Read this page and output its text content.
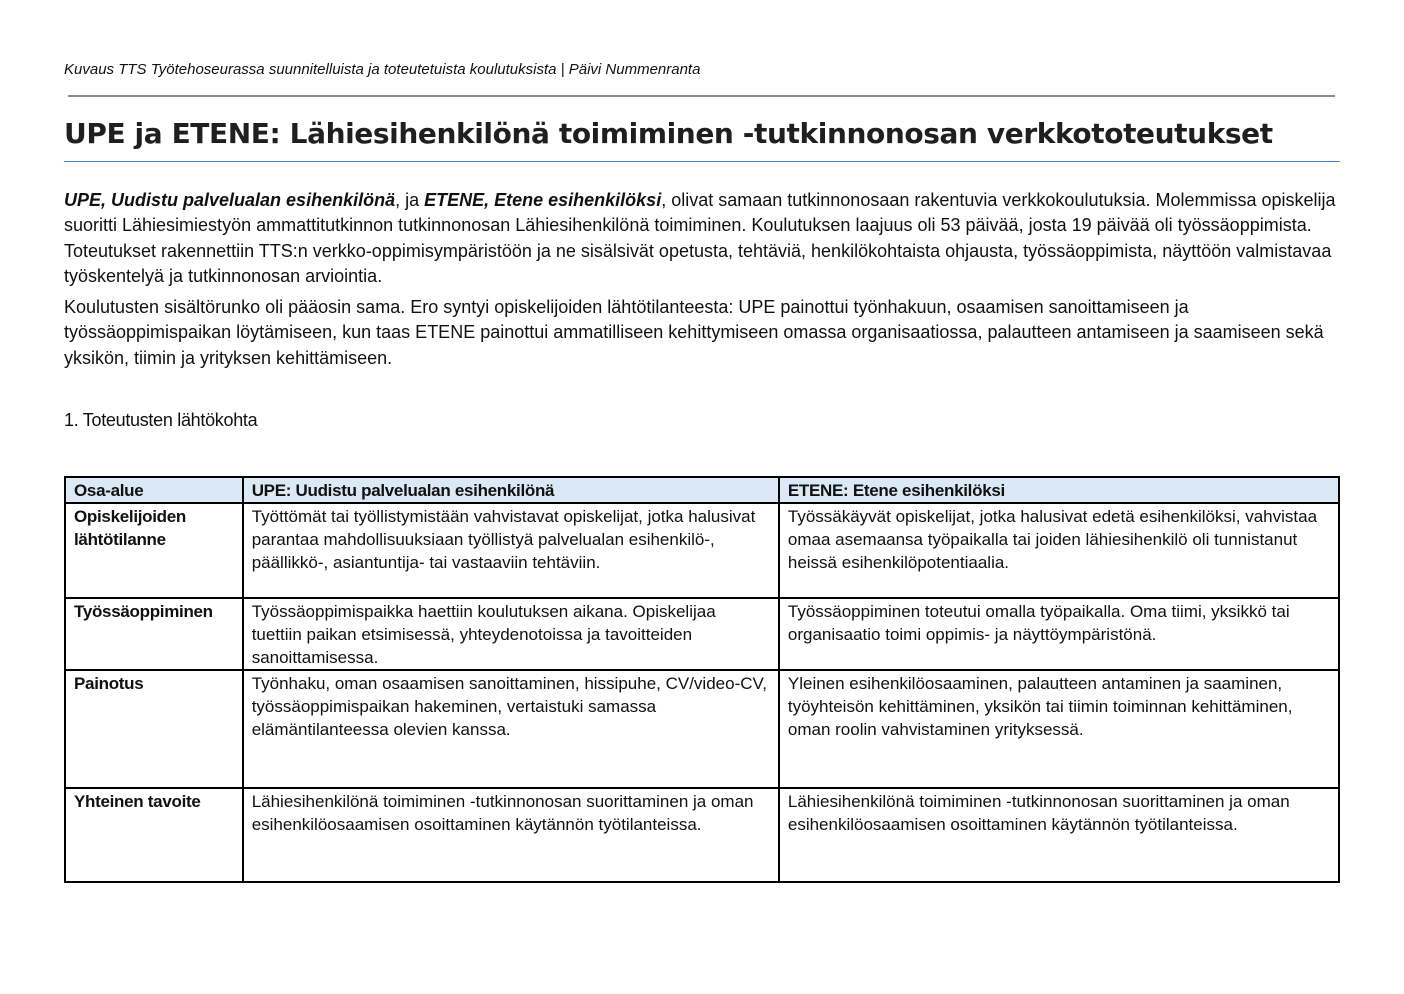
Kuvaus TTS Työtehoseurassa suunnitelluista ja toteutetuista koulutuksista | Päivi Nummenranta
UPE ja ETENE: Lähiesihenkilönä toimiminen -tutkinnonosan verkkototeutukset

UPE, Uudistu palvelualan esihenkilönä, ja ETENE, Etene esihenkilöksi, olivat samaan tutkinnonosaan rakentuvia verkkokoulutuksia. Molemmissa opiskelija suoritti Lähiesimiestyön ammattitutkinnon tutkinnonosan Lähiesihenkilönä toimiminen. Koulutuksen laajuus oli 53 päivää, josta 19 päivää oli työssäoppimista. Toteutukset rakennettiin TTS:n verkko-oppimisympäristöön ja ne sisälsivät opetusta, tehtäviä, henkilökohtaista ohjausta, työssäoppimista, näyttöön valmistavaa työskentelyä ja tutkinnonosan arviointia.

Koulutusten sisältörunko oli pääosin sama. Ero syntyi opiskelijoiden lähtötilanteesta: UPE painottui työnhakuun, osaamisen sanoittamiseen ja työssäoppimispaikan löytämiseen, kun taas ETENE painottui ammatilliseen kehittymiseen omassa organisaatiossa, palautteen antamiseen ja saamiseen sekä yksikön, tiimin ja yrityksen kehittämiseen.

1. Toteutusten lähtökohta
Osa-alue	UPE: Uudistu palvelualan esihenkilönä	ETENE: Etene esihenkilöksi
Opiskelijoiden lähtötilanne	Työttömät tai työllistymistään vahvistavat opiskelijat, jotka halusivat parantaa mahdollisuuksiaan työllistyä palvelualan esihenkilö-, päällikkö-, asiantuntija- tai vastaaviin tehtäviin.	Työssäkäyvät opiskelijat, jotka halusivat edetä esihenkilöksi, vahvistaa omaa asemaansa työpaikalla tai joiden lähiesihenkilö oli tunnistanut heissä esihenkilöpotentiaalia.
Työssäoppiminen	Työssäoppimispaikka haettiin koulutuksen aikana. Opiskelijaa tuettiin paikan etsimisessä, yhteydenotoissa ja tavoitteiden sanoittamisessa.	Työssäoppiminen toteutui omalla työpaikalla. Oma tiimi, yksikkö tai organisaatio toimi oppimis- ja näyttöympäristönä.
Painotus	Työnhaku, oman osaamisen sanoittaminen, hissipuhe, CV/video-CV, työssäoppimispaikan hakeminen, vertaistuki samassa elämäntilanteessa olevien kanssa.	Yleinen esihenkilöosaaminen, palautteen antaminen ja saaminen, työyhteisön kehittäminen, yksikön tai tiimin toiminnan kehittäminen, oman roolin vahvistaminen yrityksessä.
Yhteinen tavoite	Lähiesihenkilönä toimiminen -tutkinnonosan suorittaminen ja oman esihenkilöosaamisen osoittaminen käytännön työtilanteissa.	Lähiesihenkilönä toimiminen -tutkinnonosan suorittaminen ja oman esihenkilöosaamisen osoittaminen käytännön työtilanteissa.
